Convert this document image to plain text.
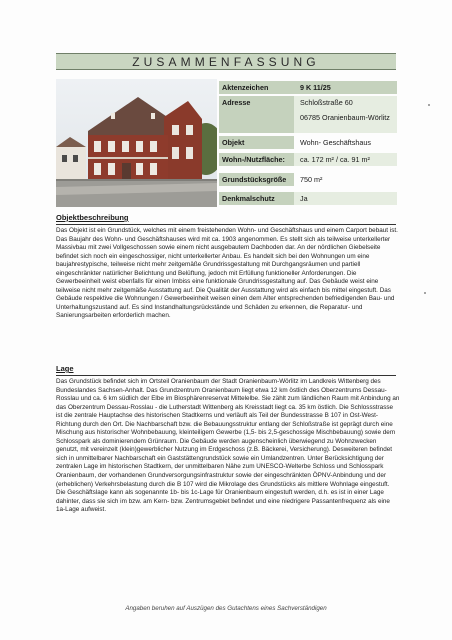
ZUSAMMENFASSUNG
Aktenzeichen	9 K 11/25
Adresse	Schloßstraße 60
06785 Oranienbaum-Wörlitz
Objekt	Wohn- Geschäftshaus
Wohn-/Nutzfläche:	ca. 172 m² / ca. 91 m²
Grundstücksgröße	750 m²
Denkmalschutz	Ja
Objektbeschreibung

Das Objekt ist ein Grundstück, welches mit einem freistehenden Wohn- und Geschäftshaus und einem Carport bebaut ist. Das Baujahr des Wohn- und Geschäftshauses wird mit ca. 1903 angenommen. Es stellt sich als teilweise unterkellerter Massivbau mit zwei Vollgeschossen sowie einem nicht ausgebautem Dachboden dar. An der nördlichen Giebelseite befindet sich noch ein eingeschossiger, nicht unterkellerter Anbau. Es handelt sich bei den Wohnungen um eine baujahrestypische, teilweise nicht mehr zeitgemäße Grundrissgestaltung mit Durchgangsräumen und partiell eingeschränkter natürlicher Belichtung und Belüftung, jedoch mit Erfüllung funktioneller Anforderungen. Die Gewerbeeinheit weist ebenfalls für einen Imbiss eine funktionale Grundrissgestaltung auf. Das Gebäude weist eine teilweise nicht mehr zeitgemäße Ausstattung auf. Die Qualität der Ausstattung wird als einfach bis mittel eingestuft. Das Gebäude respektive die Wohnungen / Gewerbeeinheit weisen einen dem Alter entsprechenden befriedigenden Bau- und Unterhaltungszustand auf. Es sind Instandhaltungsrückstände und Schäden zu erkennen, die Reparatur- und Sanierungsarbeiten erforderlich machen.

Lage

Das Grundstück befindet sich im Ortsteil Oranienbaum der Stadt Oranienbaum-Wörlitz im Landkreis Wittenberg des Bundeslandes Sachsen-Anhalt. Das Grundzentrum Oranienbaum liegt etwa 12 km östlich des Oberzentrums Dessau-Rosslau und ca. 6 km südlich der Elbe im Biosphärenreservat Mittelelbe. Sie zählt zum ländlichen Raum mit Anbindung an das Oberzentrum Dessau-Rosslau - die Lutherstadt Wittenberg als Kreisstadt liegt ca. 35 km östlich. Die Schlossstrasse ist die zentrale Hauptachse des historischen Stadtkerns und verläuft als Teil der Bundesstrasse B 107 in Ost-West-Richtung durch den Ort. Die Nachbarschaft bzw. die Bebauungsstruktur entlang der Schloßstraße ist geprägt durch eine Mischung aus historischer Wohnbebauung, kleinteiligem Gewerbe (1,5- bis 2,5-geschossige Mischbebauung) sowie dem Schlosspark als dominierendem Grünraum. Die Gebäude werden augenscheinlich überwiegend zu Wohnzwecken genutzt, mit vereinzelt (klein)gewerblicher Nutzung im Erdgeschoss (z.B. Bäckerei, Versicherung). Desweiteren befindet sich in unmittelbarer Nachbarschaft ein Gaststättengrundstück sowie ein Umlandzentren. Unter Berücksichtigung der zentralen Lage im historischen Stadtkern, der unmittelbaren Nähe zum UNESCO-Welterbe Schloss und Schlosspark Oranienbaum, der vorhandenen Grundversorgungsinfrastruktur sowie der eingeschränkten ÖPNV-Anbindung und der (erheblichen) Verkehrsbelastung durch die B 107 wird die Mikrolage des Grundstücks als mittlere Wohnlage eingestuft. Die Geschäftslage kann als sogenannte 1b- bis 1c-Lage für Oranienbaum eingestuft werden, d.h. es ist in einer Lage dahinter, dass sie sich im bzw. am Kern- bzw. Zentrumsgebiet befindet und eine niedrigere Passantenfrequenz als eine 1a-Lage aufweist.

Angaben beruhen auf Auszügen des Gutachtens eines Sachverständigen
